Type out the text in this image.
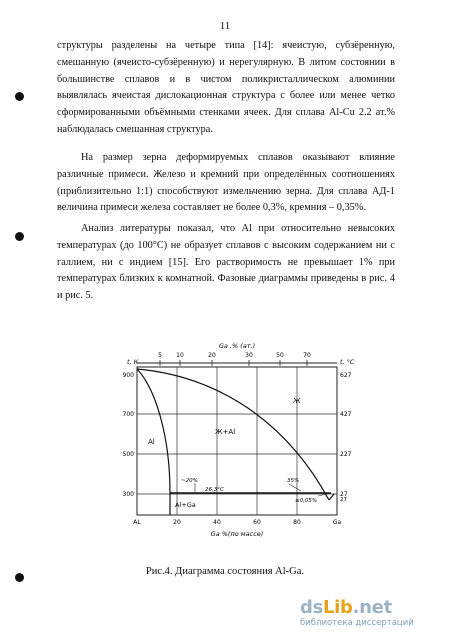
11
структуры разделены на четыре типа [14]: ячеистую, субзёренную, смешанную (ячеисто-субзёренную) и нерегулярную. В литом состоянии в большинстве сплавов и в чистом поликристаллическом алюминии выявлялась ячеистая дислокационная структура с более или менее четко сформированными объёмными стенками ячеек. Для сплава Al-Cu 2.2 ат.% наблюдалась смешанная структура.
На размер зерна деформируемых сплавов оказывают влияние различные примеси. Железо и кремний при определённых соотношениях (приблизительно 1:1) способствуют измельчению зерна. Для сплава АД-1 величина примеси железа составляет не более 0,3%, кремния – 0,35%.
Анализ литературы показал, что Al при относительно невысоких температурах (до 100°С) не образует сплавов с высоким содержанием ни с галлием, ни с индием [15]. Его растворимость не превышает 1% при температурах близких к комнатной. Фазовые диаграммы приведены в рис. 4 и рис. 5.
Ga ,% (ат.)
t, К	t, °С
Ga %(по массе)
5 10	20	30	50	70
900
700
500
300
627
427
227
27
AL	20	40	60	80	Ga
Al
Ж+Al
Ж
Al+Ga
~20%
26,3°С
35%
≤0,05%	27
Рис.4. Диаграмма состояния Al-Ga.
dsLib.net
библиотека диссертаций
